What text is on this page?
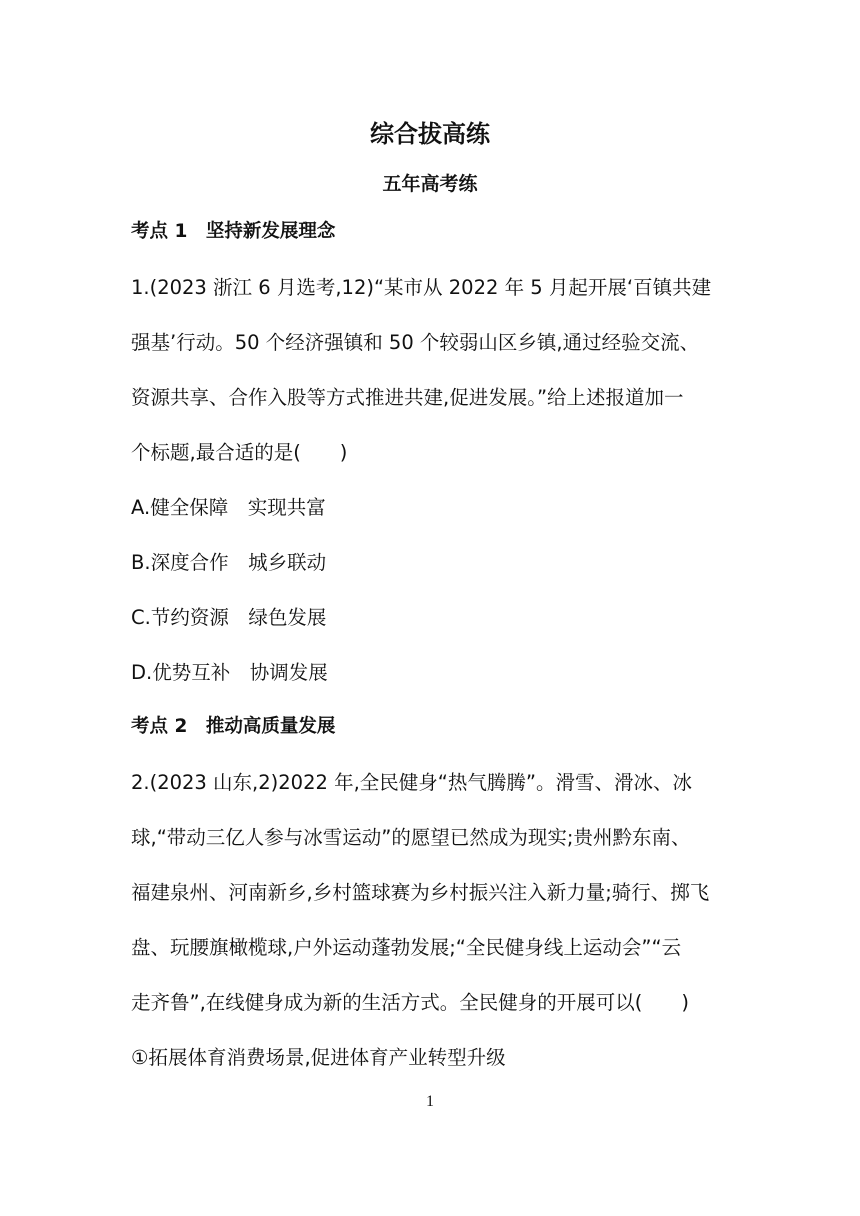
综合拔高练
五年高考练
考点 1　坚持新发展理念
1.(2023 浙江 6 月选考,12)“某市从 2022 年 5 月起开展‘百镇共建
强基’行动。50 个经济强镇和 50 个较弱山区乡镇,通过经验交流、
资源共享、合作入股等方式推进共建,促进发展。”给上述报道加一
个标题,最合适的是(　　)
A.健全保障　实现共富
B.深度合作　城乡联动
C.节约资源　绿色发展
D.优势互补　协调发展
考点 2　推动高质量发展
2.(2023 山东,2)2022 年,全民健身“热气腾腾”。滑雪、滑冰、冰
球,“带动三亿人参与冰雪运动”的愿望已然成为现实;贵州黔东南、
福建泉州、河南新乡,乡村篮球赛为乡村振兴注入新力量;骑行、掷飞
盘、玩腰旗橄榄球,户外运动蓬勃发展;“全民健身线上运动会”“云
走齐鲁”,在线健身成为新的生活方式。全民健身的开展可以(　　)
①拓展体育消费场景,促进体育产业转型升级
1
